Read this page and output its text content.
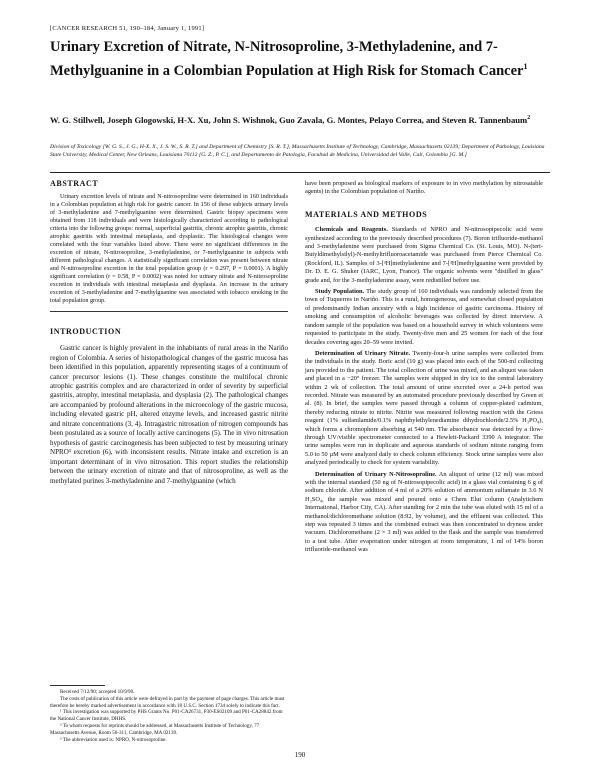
[CANCER RESEARCH 51, 190–184, January 1, 1991]
Urinary Excretion of Nitrate, N-Nitrosoproline, 3-Methyladenine, and 7-Methylguanine in a Colombian Population at High Risk for Stomach Cancer$^1$
W. G. Stillwell, Joseph Glogowski, H-X. Xu, John S. Wishnok, Guo Zavala, G. Montes, Pelayo Correa, and Steven R. Tannenbaum$^2$
Division of Toxicology [W. G. S., J. G., H-X. X., J. S. W., S. R. T.] and Department of Chemistry [S. R. T.], Massachusetts Institute of Technology, Cambridge, Massachusetts 02139; Department of Pathology, Louisiana State University, Medical Center, New Orleans, Louisiana 70112 [G. Z., P. C.], and Departamento de Patologia, Facultad de Medicina, Universidad del Valle, Cali, Colombia [G. M.]

ABSTRACT

Urinary excretion levels of nitrate and N-nitrosoproline were determined in 160 individuals in a Colombian population at high risk for gastric cancer. In 156 of these subjects urinary levels of 3-methyladenine and 7-methylguanine were determined. Gastric biopsy specimens were obtained from 118 individuals and were histologically characterized according to pathological criteria into the following groups: normal, superficial gastritis, chronic atrophic gastritis, chronic atrophic gastritis with intestinal metaplasia, and dysplastic. The histological changes were correlated with the four variables listed above. There were no significant differences in the excretion of nitrate, N-nitrosoproline, 3-methyladenine, or 7-methylguanine in subjects with different pathological changes. A statistically significant correlation was present between nitrate and N-nitrosoproline excretion in the total population group (r = 0.297, P = 0.0001). A highly significant correlation (r = 0.58, P = 0.0002) was noted for urinary nitrate and N-nitrosoproline excretion in individuals with intestinal metaplasia and dysplasia. An increase in the urinary excretion of 3-methyladenine and 7-methylguanine was associated with tobacco smoking in the total population group.

INTRODUCTION

Gastric cancer is highly prevalent in the inhabitants of rural areas in the Nariño region of Colombia. A series of histopathological changes of the gastric mucosa has been identified in this population, apparently representing stages of a continuum of cancer precursor lesions (1). These changes constitute the multifocal chronic atrophic gastritis complex and are characterized in order of severity by superficial gastritis, atrophy, intestinal metaplasia, and dysplasia (2). The pathological changes are accompanied by profound alterations in the microecology of the gastric mucosa, including elevated gastric pH, altered enzyme levels, and increased gastric nitrite and nitrate concentrations (3, 4). Intragastric nitrosation of nitrogen compounds has been postulated as a source of locally active carcinogens (5). The in vivo nitrosation hypothesis of gastric carcinogenesis has been subjected to test by measuring urinary NPRO³ excretion (6), with inconsistent results. Nitrate intake and excretion is an important determinant of in vivo nitrosation. This report studies the relationship between the urinary excretion of nitrate and that of nitrosoproline, as well as the methylated purines 3-methyladenine and 7-methylguanine (which

Received 7/12/90; accepted 10/9/90.

The costs of publication of this article were defrayed in part by the payment of page charges. This article must therefore be hereby marked advertisement in accordance with 18 U.S.C. Section 1734 solely to indicate this fact.

¹ This investigation was supported by PHS Grants No. P01-CA26731, P30-ES02109 and P01-CA28842 from the National Cancer Institute, DHHS.

² To whom requests for reprints should be addressed, at Massachusetts Institute of Technology, 77 Massachusetts Avenue, Room 56-311, Cambridge, MA 02139.

³ The abbreviation used is: NPRO, N-nitrosoproline.

have been proposed as biological markers of exposure to in vivo methylation by nitrosatable agents) in the Colombian population of Nariño.

MATERIALS AND METHODS

Chemicals and Reagents. Standards of NPRO and N-nitrosopipecolic acid were synthesized according to the previously described procedures (7). Boron trifluoride-methanol and 3-methyladenine were purchased from Sigma Chemical Co. (St. Louis, MO). N-(tert-Butyldimethylsilyl)-N-methyltrifluoroacetamide was purchased from Pierce Chemical Co. (Rockford, IL). Samples of 3-[³H]methyladenine and 7-[³H]methylguanine were provided by Dr. D. E. G. Shuker (IARC, Lyon, France). The organic solvents were "distilled in glass" grade and, for the 3-methyladenine assay, were redistilled before use.

Study Population. The study group of 160 individuals was randomly selected from the town of Tuquerres in Nariño. This is a rural, homogeneous, and somewhat closed population of predominantly Indian ancestry with a high incidence of gastric carcinoma. History of smoking and consumption of alcoholic beverages was collected by direct interview. A random sample of the population was based on a household survey in which volunteers were requested to participate in the study. Twenty-five men and 25 women for each of the four decades covering ages 20–59 were invited.

Determination of Urinary Nitrate. Twenty-four-h urine samples were collected from the individuals in the study. Boric acid (10 g) was placed into each of the 500-ml collecting jars provided to the patient. The total collection of urine was mixed, and an aliquot was taken and placed in a −20° freezer. The samples were shipped in dry ice to the central laboratory within 2 wk of collection. The total amount of urine excreted over a 24-h period was recorded. Nitrate was measured by an automated procedure previously described by Green et al. (8). In brief, the samples were passed through a column of copper-plated cadmium, thereby reducing nitrate to nitrite. Nitrite was measured following reaction with the Griess reagent (1% sulfanilamide/0.1% naphthylethylenediamine dihydrochloride/2.5% H₃PO₄), which forms a chromophore absorbing at 540 nm. The absorbance was detected by a flow-through UV/visible spectrometer connected to a Hewlett-Packard 3390 A integrator. The urine samples were run in duplicate and aqueous standards of sodium nitrate ranging from 5.0 to 50 µM were analyzed daily to check column efficiency. Stock urine samples were also analyzed periodically to check for system variability.

Determination of Urinary N-Nitrosoproline. An aliquot of urine (12 ml) was mixed with the internal standard (50 ng of N-nitrosopipecolic acid) in a glass vial containing 6 g of sodium chloride. After addition of 4 ml of a 20% solution of ammonium sulfamate in 3.6 N H₂SO₄, the sample was mixed and poured onto a Chem Elut column (Analytichem International, Harbor City, CA). After standing for 2 min the tube was eluted with 15 ml of a methanol/dichloromethane solution (8:92, by volume), and the effluent was collected. This step was repeated 3 times and the combined extract was then concentrated to dryness under vacuum. Dichloromethane (2 × 3 ml) was added to the flask and the sample was transferred to a test tube. After evaporation under nitrogen at room temperature, 1 ml of 14% boron trifluoride-methanol was

190
